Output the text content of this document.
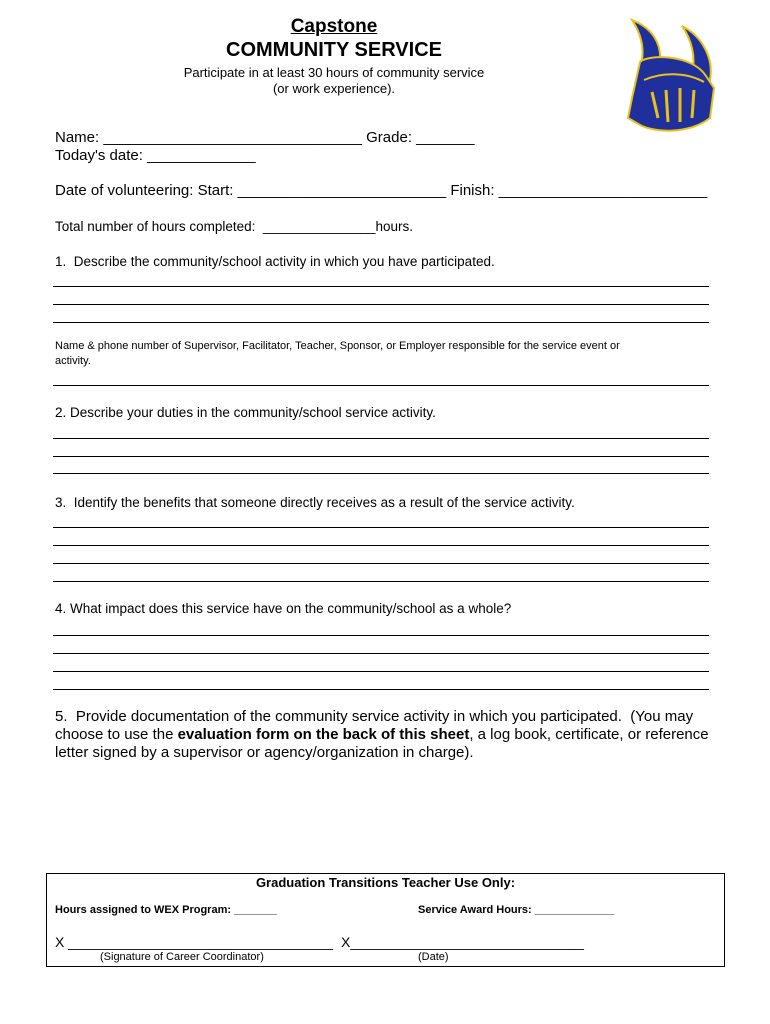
Capstone
COMMUNITY SERVICE
Participate in at least 30 hours of community service
(or work experience).
Name: _______________________________ Grade: _______
Today's date: _____________
Date of volunteering: Start: _________________________ Finish: _________________________
Total number of hours completed:  _______________hours.
1.  Describe the community/school activity in which you have participated.
Name & phone number of Supervisor, Facilitator, Teacher, Sponsor, or Employer responsible for the service event or
activity.
2. Describe your duties in the community/school service activity.
3.  Identify the benefits that someone directly receives as a result of the service activity.
4. What impact does this service have on the community/school as a whole?
5.  Provide documentation of the community service activity in which you participated.  (You may
choose to use the evaluation form on the back of this sheet, a log book, certificate, or reference
letter signed by a supervisor or agency/organization in charge).
Graduation Transitions Teacher Use Only:
Hours assigned to WEX Program: _______	Service Award Hours: _____________
X __________________________________ X______________________________
(Signature of Career Coordinator)	(Date)
